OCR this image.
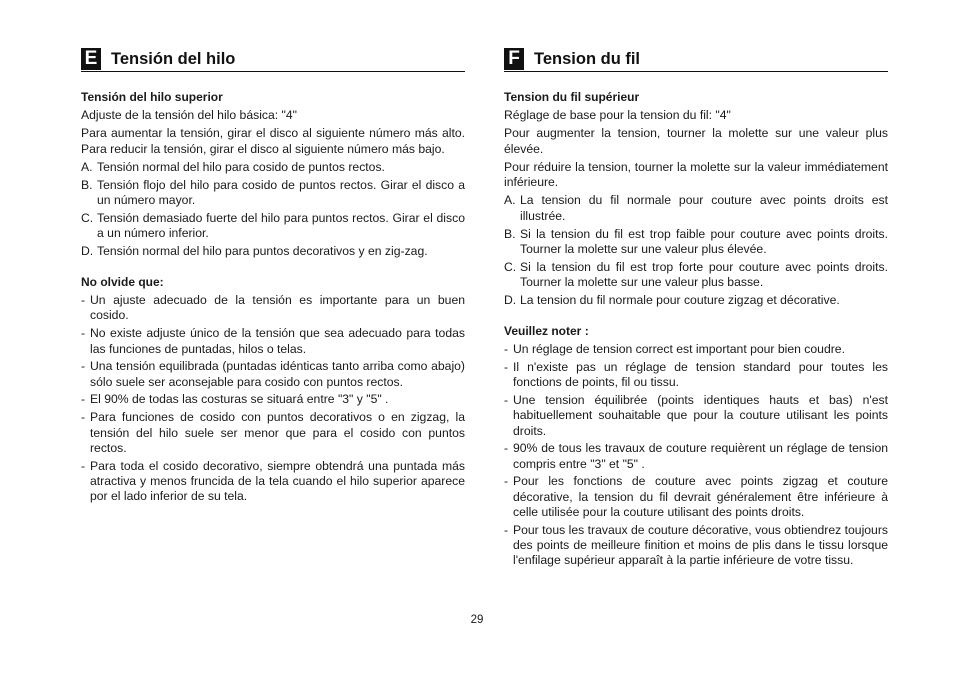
E Tensión del hilo
Tensión del hilo superior

Adjuste de la tensión del hilo básica: "4"

Para aumentar la tensión, girar el disco al siguiente número más alto. Para reducir la tensión, girar el disco al siguiente número más bajo.

A. Tensión normal del hilo para cosido de puntos rectos.
B. Tensión flojo del hilo para cosido de puntos rectos. Girar el disco a un número mayor.
C. Tensión demasiado fuerte del hilo para puntos rectos. Girar el disco a un número inferior.
D. Tensión normal del hilo para puntos decorativos y en zig-zag.
No olvide que:
- Un ajuste adecuado de la tensión es importante para un buen cosido.
- No existe adjuste único de la tensión que sea adecuado para todas las funciones de puntadas, hilos o telas.
- Una tensión equilibrada (puntadas idénticas tanto arriba como abajo) sólo suele ser aconsejable para cosido con puntos rectos.
- El 90% de todas las costuras se situará entre "3" y "5" .
- Para funciones de cosido con puntos decorativos o en zigzag, la tensión del hilo suele ser menor que para el cosido con puntos rectos.
- Para toda el cosido decorativo, siempre obtendrá una puntada más atractiva y menos fruncida de la tela cuando el hilo superior aparece por el lado inferior de su tela.
F Tension du fil
Tension du fil supérieur

Réglage de base pour la tension du fil: "4"

Pour augmenter la tension, tourner la molette sur une valeur plus élevée.

Pour réduire la tension, tourner la molette sur la valeur immédiatement inférieure.

A. La tension du fil normale pour couture avec points droits est illustrée.
B. Si la tension du fil est trop faible pour couture avec points droits. Tourner la molette sur une valeur plus élevée.
C. Si la tension du fil est trop forte pour couture avec points droits. Tourner la molette sur une valeur plus basse.
D. La tension du fil normale pour couture zigzag et décorative.
Veuillez noter :
- Un réglage de tension correct est important pour bien coudre.
- Il n'existe pas un réglage de tension standard pour toutes les fonctions de points, fil ou tissu.
- Une tension équilibrée (points identiques hauts et bas) n'est habituellement souhaitable que pour la couture utilisant les points droits.
- 90% de tous les travaux de couture requièrent un réglage de tension compris entre "3" et "5" .
- Pour les fonctions de couture avec points zigzag et couture décorative, la tension du fil devrait généralement être inférieure à celle utilisée pour la couture utilisant des points droits.
- Pour tous les travaux de couture décorative, vous obtiendrez toujours des points de meilleure finition et moins de plis dans le tissu lorsque l'enfilage supérieur apparaît à la partie inférieure de votre tissu.
29
